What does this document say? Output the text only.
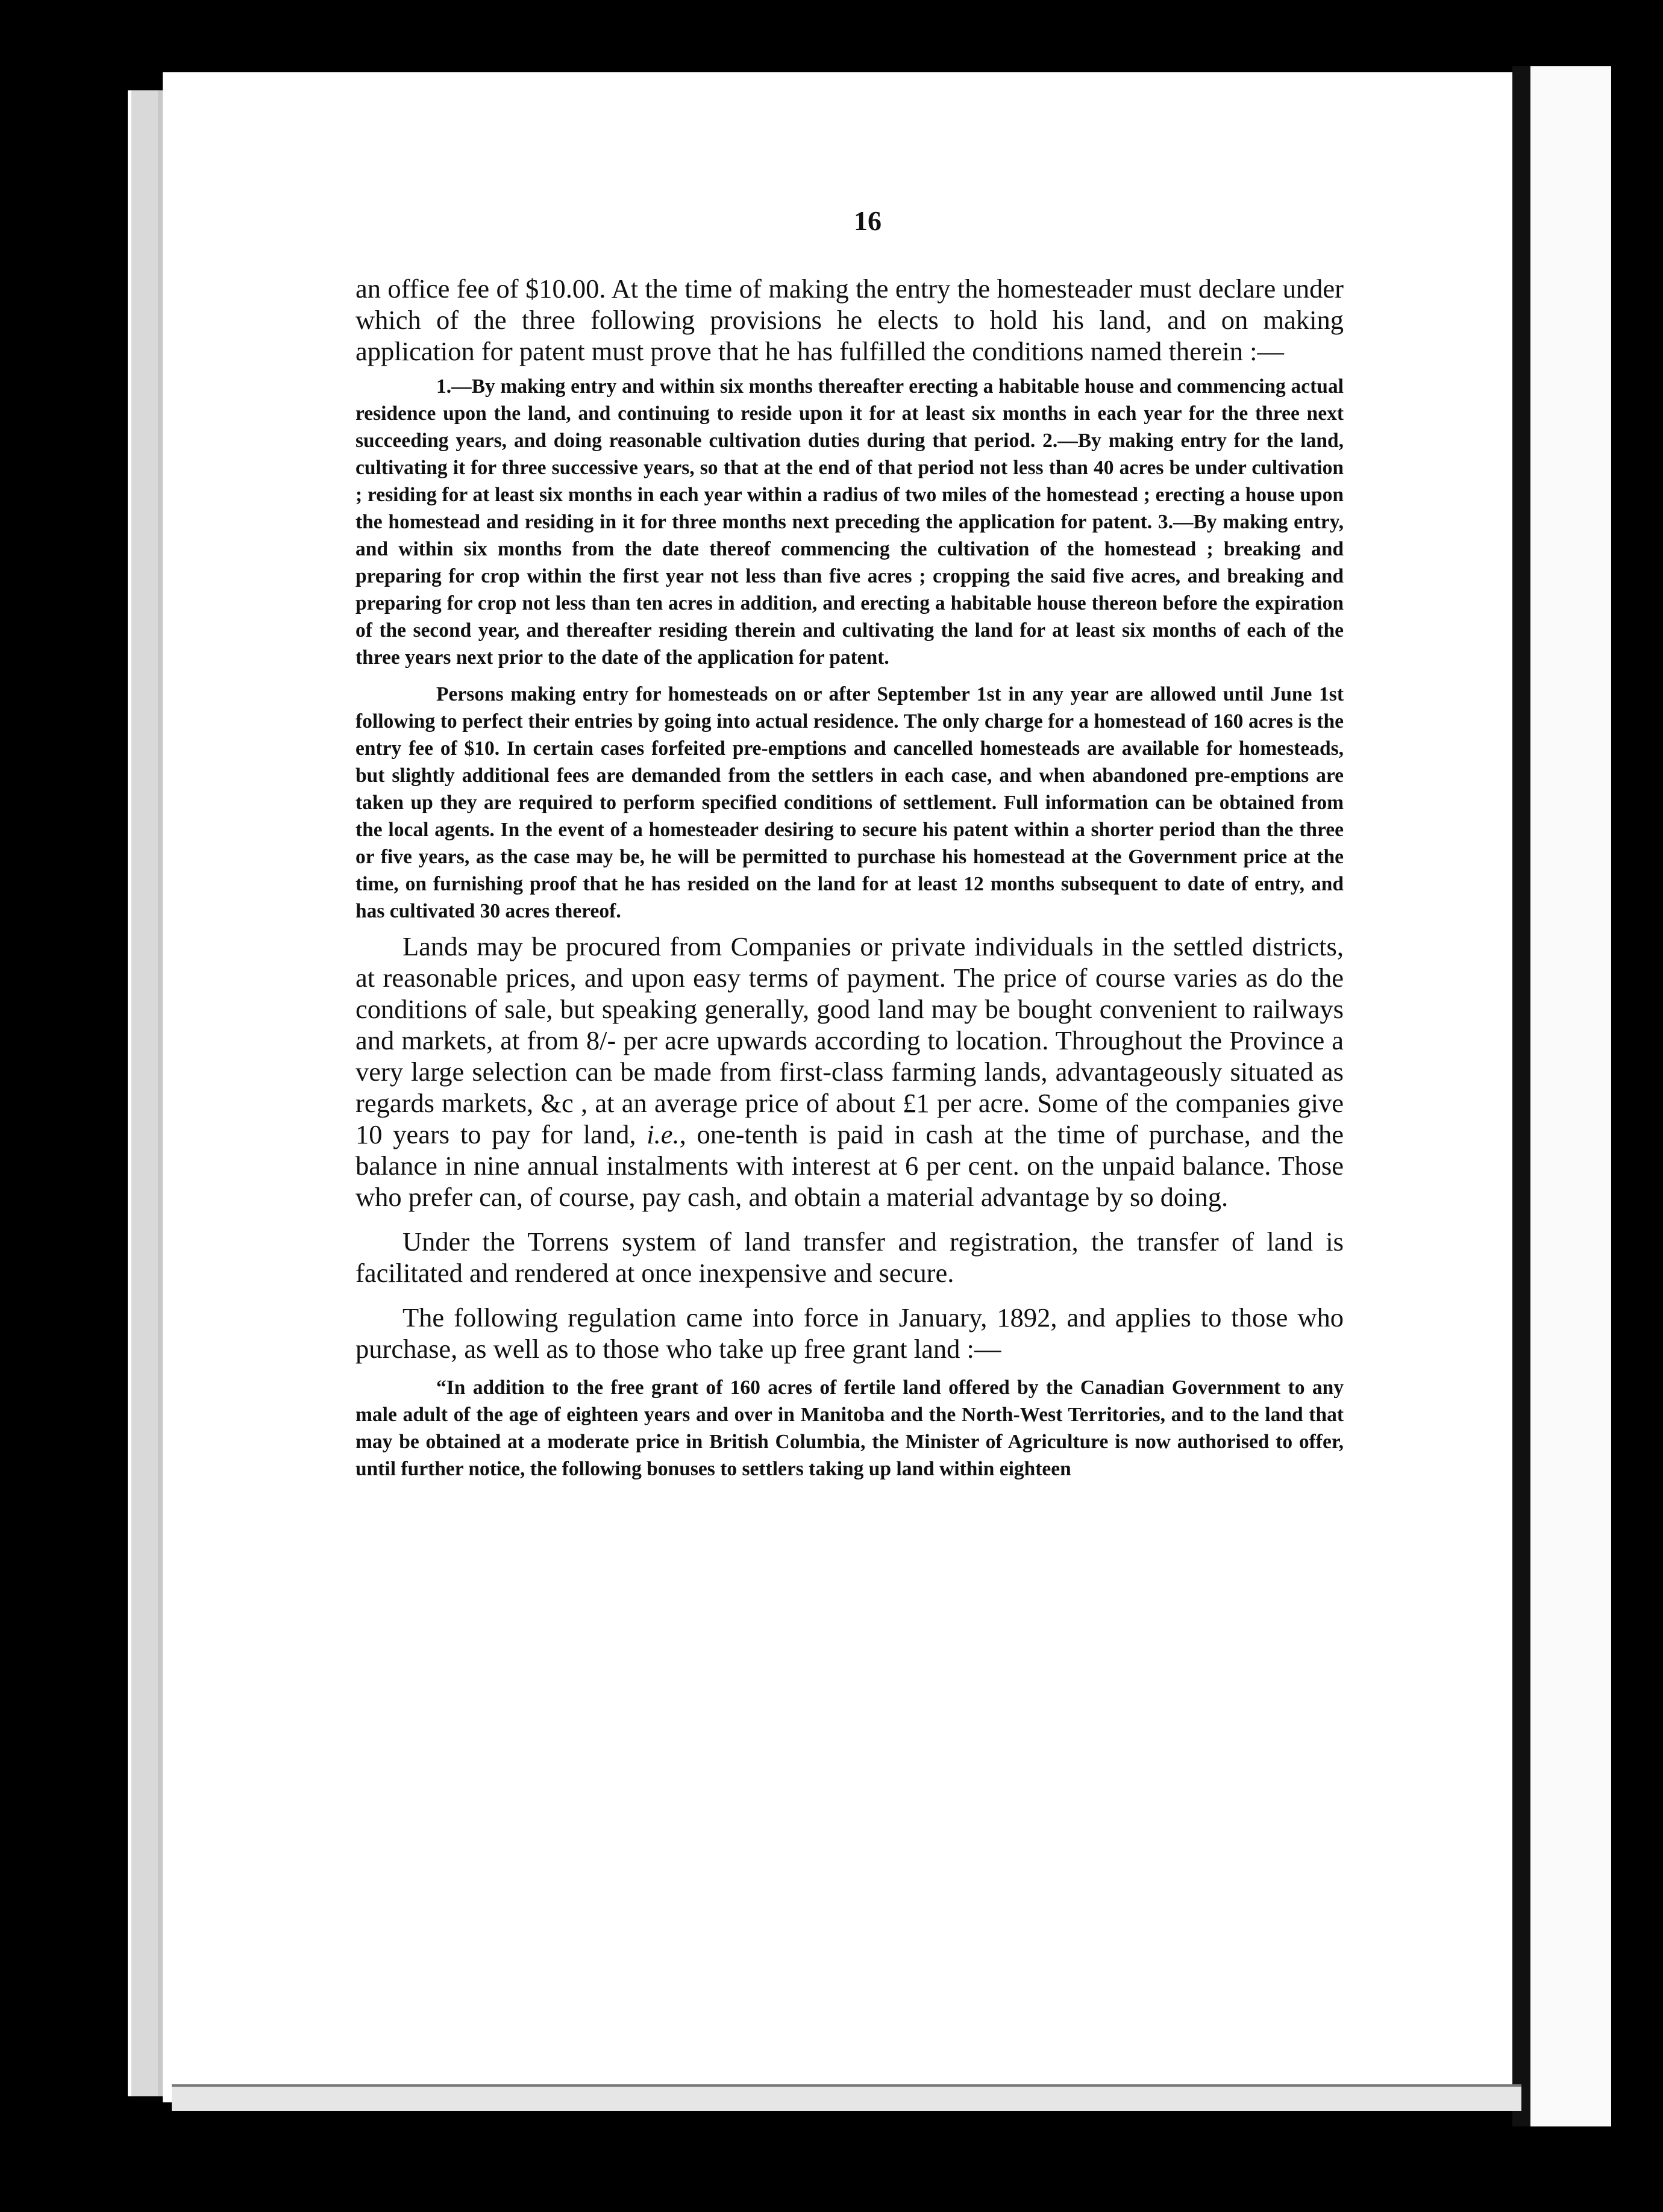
16

an office fee of $10.00. At the time of making the entry the homesteader must declare under which of the three following provisions he elects to hold his land, and on making application for patent must prove that he has fulfilled the conditions named therein :—

1.—By making entry and within six months thereafter erecting a habitable house and commencing actual residence upon the land, and continuing to reside upon it for at least six months in each year for the three next succeeding years, and doing reasonable cultivation duties during that period. 2.—By making entry for the land, cultivating it for three successive years, so that at the end of that period not less than 40 acres be under cultivation ; residing for at least six months in each year within a radius of two miles of the homestead ; erecting a house upon the homestead and residing in it for three months next preceding the application for patent. 3.—By making entry, and within six months from the date thereof commencing the cultivation of the homestead ; breaking and preparing for crop within the first year not less than five acres ; cropping the said five acres, and breaking and preparing for crop not less than ten acres in addition, and erecting a habitable house thereon before the expiration of the second year, and thereafter residing therein and cultivating the land for at least six months of each of the three years next prior to the date of the application for patent.

Persons making entry for homesteads on or after September 1st in any year are allowed until June 1st following to perfect their entries by going into actual residence. The only charge for a homestead of 160 acres is the entry fee of $10. In certain cases forfeited pre-emptions and cancelled homesteads are available for homesteads, but slightly additional fees are demanded from the settlers in each case, and when abandoned pre-emptions are taken up they are required to perform specified conditions of settlement. Full information can be obtained from the local agents. In the event of a homesteader desiring to secure his patent within a shorter period than the three or five years, as the case may be, he will be permitted to purchase his homestead at the Government price at the time, on furnishing proof that he has resided on the land for at least 12 months subsequent to date of entry, and has cultivated 30 acres thereof.

Lands may be procured from Companies or private individuals in the settled districts, at reasonable prices, and upon easy terms of payment. The price of course varies as do the conditions of sale, but speaking generally, good land may be bought convenient to railways and markets, at from 8/- per acre upwards according to location. Throughout the Province a very large selection can be made from first-class farming lands, advantageously situated as regards markets, &c , at an average price of about £1 per acre. Some of the companies give 10 years to pay for land, i.e., one-tenth is paid in cash at the time of purchase, and the balance in nine annual instalments with interest at 6 per cent. on the unpaid balance. Those who prefer can, of course, pay cash, and obtain a material advantage by so doing.

Under the Torrens system of land transfer and registration, the transfer of land is facilitated and rendered at once inexpensive and secure.

The following regulation came into force in January, 1892, and applies to those who purchase, as well as to those who take up free grant land :—

“In addition to the free grant of 160 acres of fertile land offered by the Canadian Government to any male adult of the age of eighteen years and over in Manitoba and the North-West Territories, and to the land that may be obtained at a moderate price in British Columbia, the Minister of Agriculture is now authorised to offer, until further notice, the following bonuses to settlers taking up land within eighteen
